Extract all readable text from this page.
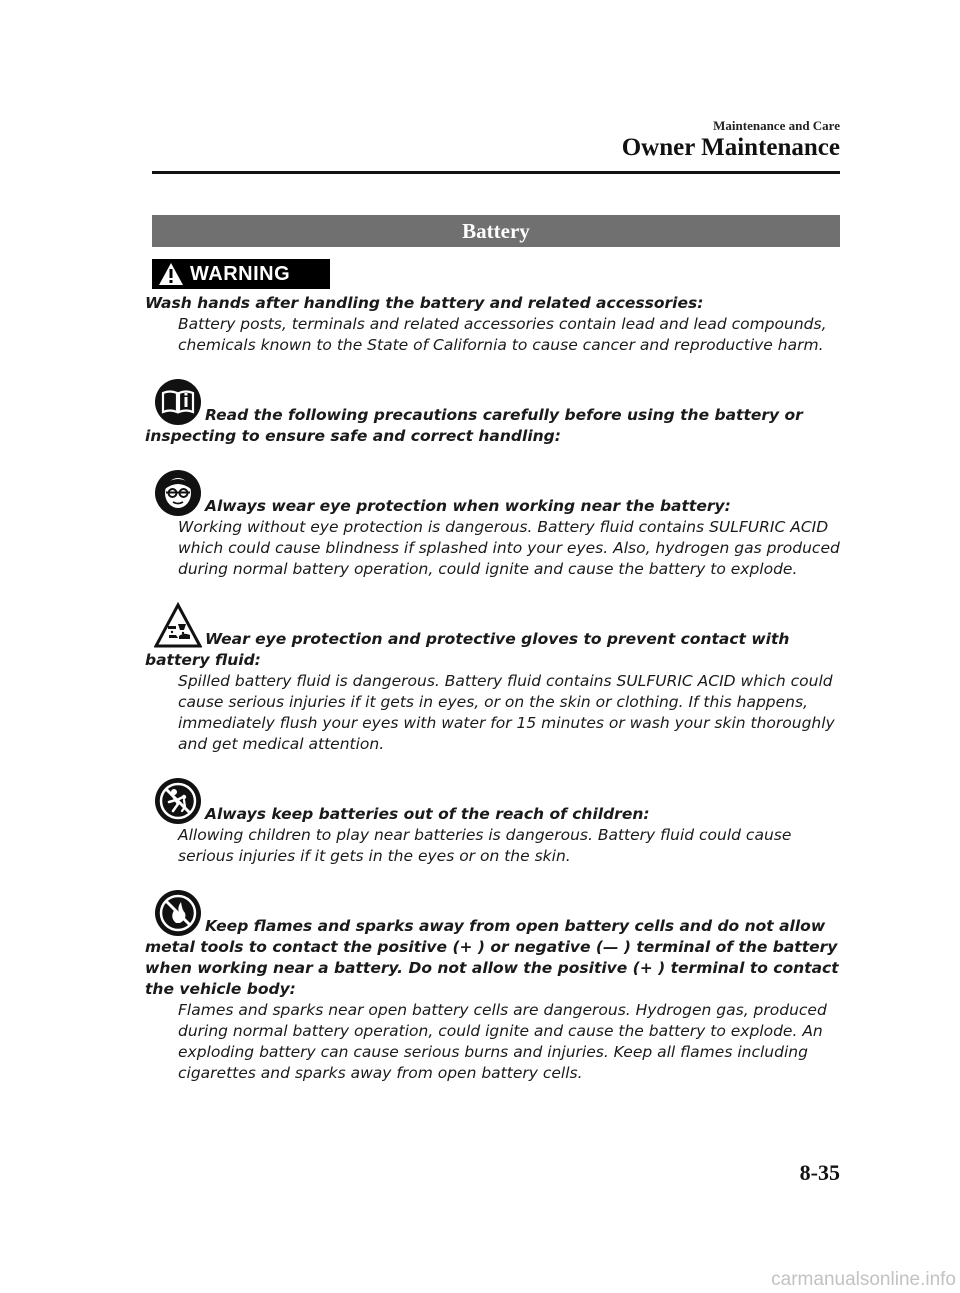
Maintenance and Care
Owner Maintenance
Battery
WARNING
Wash hands after handling the battery and related accessories:
Battery posts, terminals and related accessories contain lead and lead compounds, chemicals known to the State of California to cause cancer and reproductive harm.
Read the following precautions carefully before using the battery or inspecting to ensure safe and correct handling:
Always wear eye protection when working near the battery:
Working without eye protection is dangerous. Battery fluid contains SULFURIC ACID which could cause blindness if splashed into your eyes. Also, hydrogen gas produced during normal battery operation, could ignite and cause the battery to explode.
Wear eye protection and protective gloves to prevent contact with battery fluid:
Spilled battery fluid is dangerous. Battery fluid contains SULFURIC ACID which could cause serious injuries if it gets in eyes, or on the skin or clothing. If this happens, immediately flush your eyes with water for 15 minutes or wash your skin thoroughly and get medical attention.
Always keep batteries out of the reach of children:
Allowing children to play near batteries is dangerous. Battery fluid could cause serious injuries if it gets in the eyes or on the skin.
Keep flames and sparks away from open battery cells and do not allow metal tools to contact the positive (+ ) or negative (— ) terminal of the battery when working near a battery. Do not allow the positive (+ ) terminal to contact the vehicle body:
Flames and sparks near open battery cells are dangerous. Hydrogen gas, produced during normal battery operation, could ignite and cause the battery to explode. An exploding battery can cause serious burns and injuries. Keep all flames including cigarettes and sparks away from open battery cells.
8-35
carmanualsonline.info
